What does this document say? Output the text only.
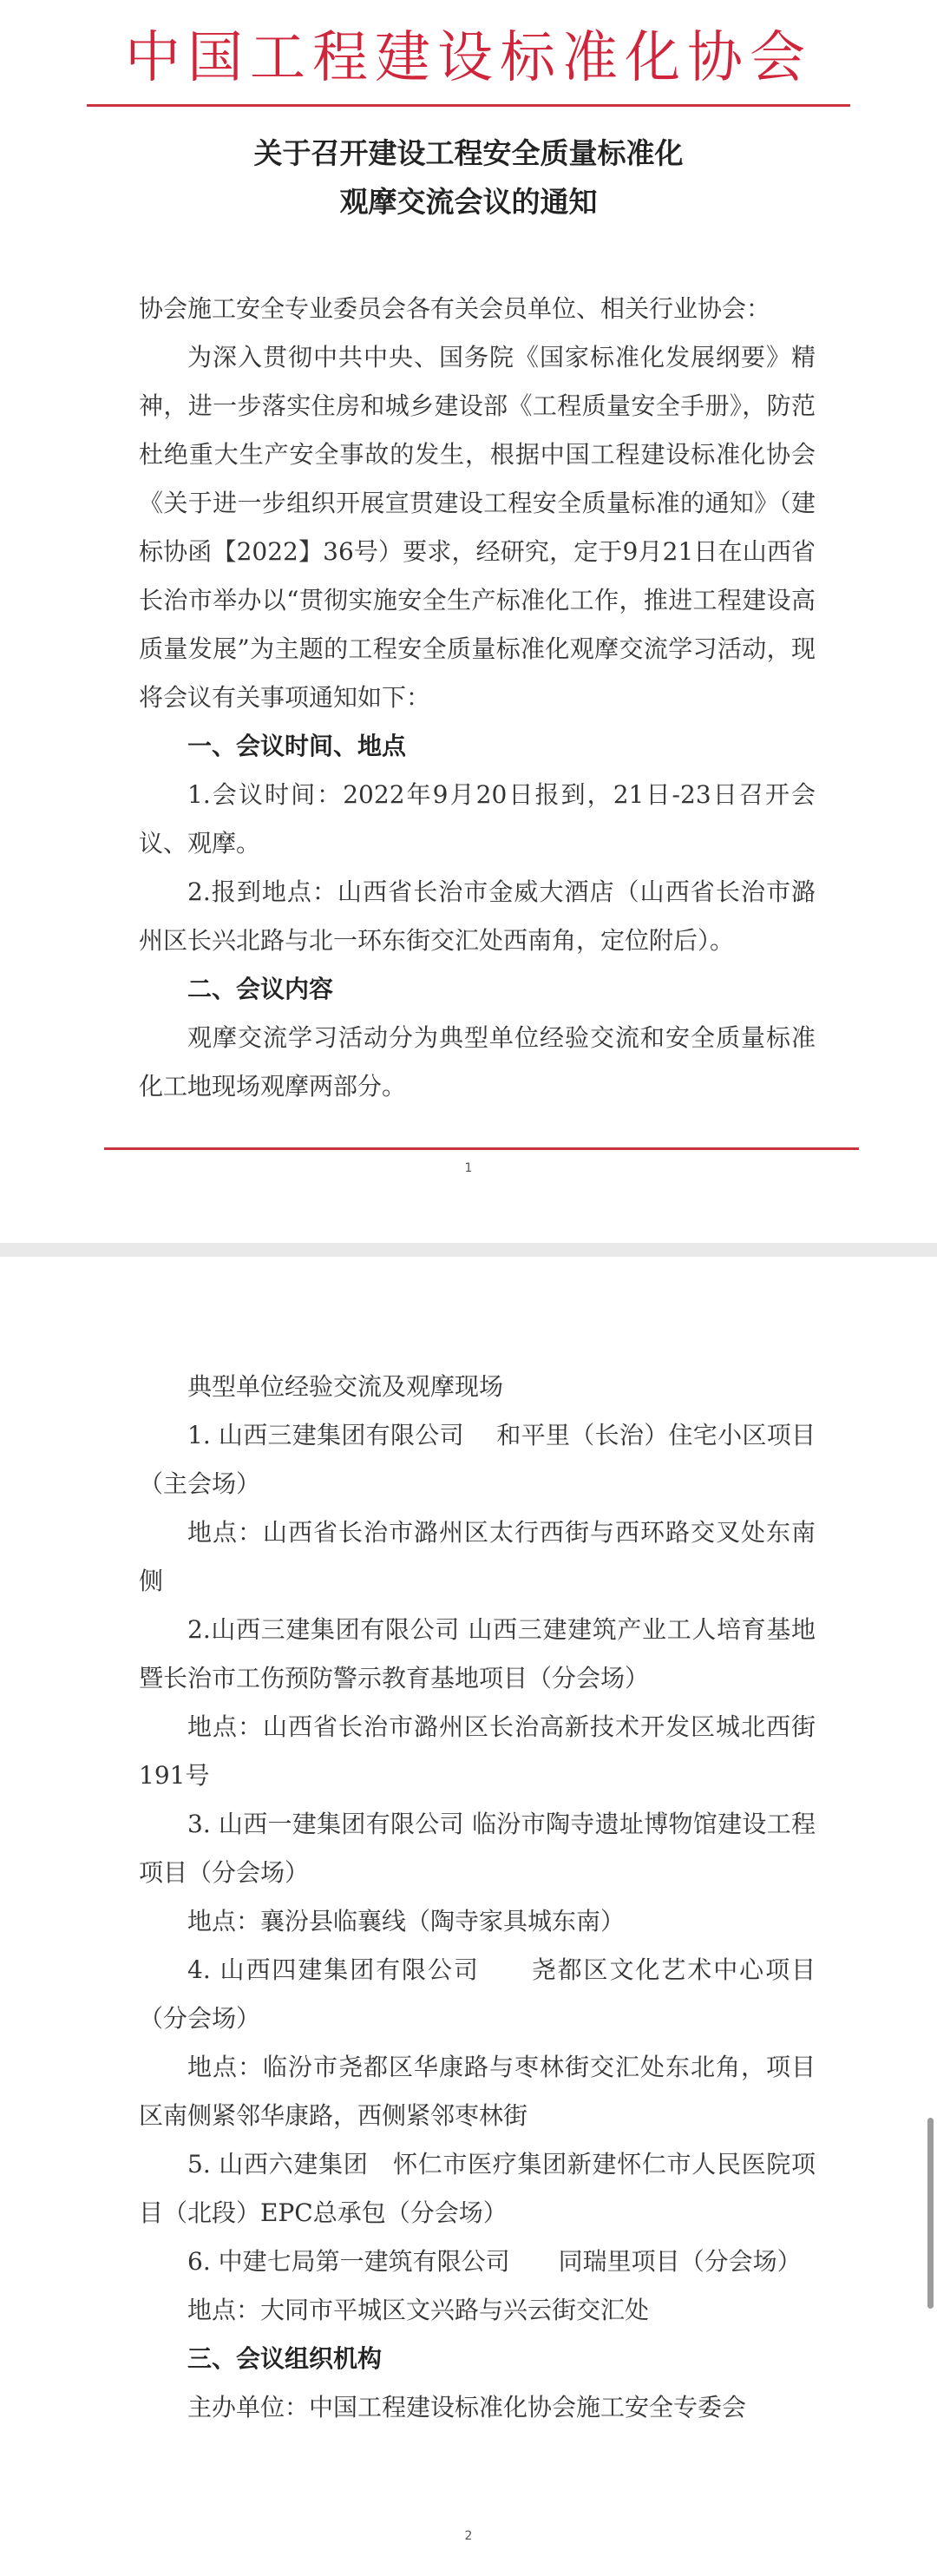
中国工程建设标准化协会
关于召开建设工程安全质量标准化
观摩交流会议的通知
协会施工安全专业委员会各有关会员单位、相关行业协会：
为深入贯彻中共中央、国务院《国家标准化发展纲要》精神，进一步落实住房和城乡建设部《工程质量安全手册》，防范杜绝重大生产安全事故的发生，根据中国工程建设标准化协会《关于进一步组织开展宣贯建设工程安全质量标准的通知》（建标协函【2022】36号）要求，经研究，定于9月21日在山西省长治市举办以“贯彻实施安全生产标准化工作，推进工程建设高质量发展”为主题的工程安全质量标准化观摩交流学习活动，现将会议有关事项通知如下：
一、会议时间、地点
1.会议时间：2022年9月20日报到，21日-23日召开会议、观摩。
2.报到地点：山西省长治市金威大酒店（山西省长治市潞州区长兴北路与北一环东街交汇处西南角，定位附后）。
二、会议内容
观摩交流学习活动分为典型单位经验交流和安全质量标准化工地现场观摩两部分。
1
典型单位经验交流及观摩现场
1. 山西三建集团有限公司　 和平里（长治）住宅小区项目（主会场）
地点：山西省长治市潞州区太行西街与西环路交叉处东南侧
2.山西三建集团有限公司 山西三建建筑产业工人培育基地暨长治市工伤预防警示教育基地项目（分会场）
地点：山西省长治市潞州区长治高新技术开发区城北西街191号
3. 山西一建集团有限公司 临汾市陶寺遗址博物馆建设工程项目（分会场）
地点：襄汾县临襄线（陶寺家具城东南）
4. 山西四建集团有限公司　　尧都区文化艺术中心项目（分会场）
地点：临汾市尧都区华康路与枣林街交汇处东北角，项目区南侧紧邻华康路，西侧紧邻枣林街
5. 山西六建集团　怀仁市医疗集团新建怀仁市人民医院项目（北段）EPC总承包（分会场）
6. 中建七局第一建筑有限公司　　同瑞里项目（分会场）
地点：大同市平城区文兴路与兴云街交汇处
三、会议组织机构
主办单位：中国工程建设标准化协会施工安全专委会
2
